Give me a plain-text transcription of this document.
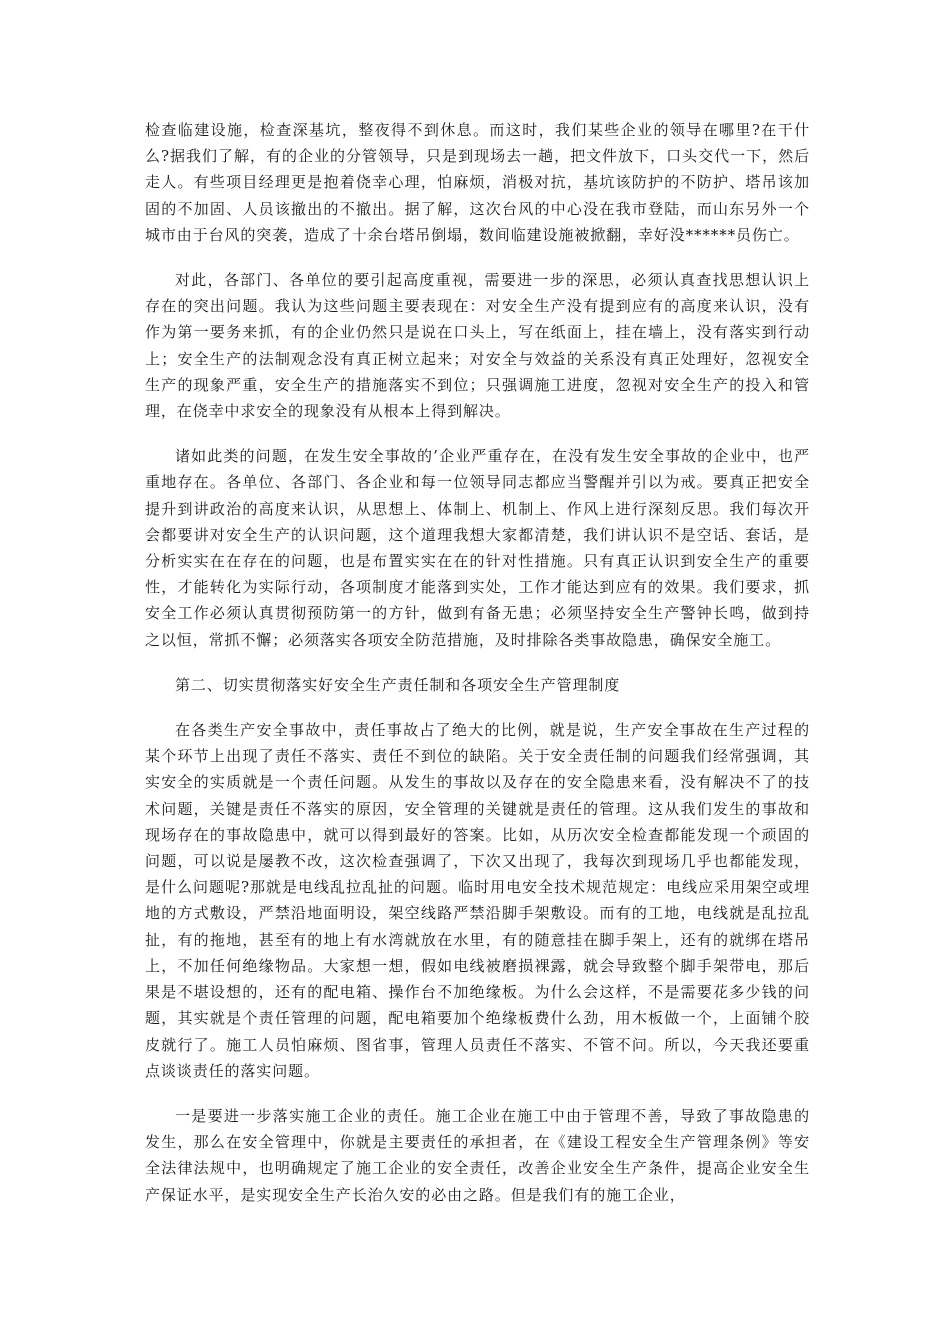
检查临建设施，检查深基坑，整夜得不到休息。而这时，我们某些企业的领导在哪里?在干什么?据我们了解，有的企业的分管领导，只是到现场去一趟，把文件放下，口头交代一下，然后走人。有些项目经理更是抱着侥幸心理，怕麻烦，消极对抗，基坑该防护的不防护、塔吊该加固的不加固、人员该撤出的不撤出。据了解，这次台风的中心没在我市登陆，而山东另外一个城市由于台风的突袭，造成了十余台塔吊倒塌，数间临建设施被掀翻，幸好没******员伤亡。

对此，各部门、各单位的要引起高度重视，需要进一步的深思，必须认真查找思想认识上存在的突出问题。我认为这些问题主要表现在：对安全生产没有提到应有的高度来认识，没有作为第一要务来抓，有的企业仍然只是说在口头上，写在纸面上，挂在墙上，没有落实到行动上；安全生产的法制观念没有真正树立起来；对安全与效益的关系没有真正处理好，忽视安全生产的现象严重，安全生产的措施落实不到位；只强调施工进度，忽视对安全生产的投入和管理，在侥幸中求安全的现象没有从根本上得到解决。

诸如此类的问题，在发生安全事故的’企业严重存在，在没有发生安全事故的企业中，也严重地存在。各单位、各部门、各企业和每一位领导同志都应当警醒并引以为戒。要真正把安全提升到讲政治的高度来认识，从思想上、体制上、机制上、作风上进行深刻反思。我们每次开会都要讲对安全生产的认识问题，这个道理我想大家都清楚，我们讲认识不是空话、套话，是分析实实在在存在的问题，也是布置实实在在的针对性措施。只有真正认识到安全生产的重要性，才能转化为实际行动，各项制度才能落到实处，工作才能达到应有的效果。我们要求，抓安全工作必须认真贯彻预防第一的方针，做到有备无患；必须坚持安全生产警钟长鸣，做到持之以恒，常抓不懈；必须落实各项安全防范措施，及时排除各类事故隐患，确保安全施工。

第二、切实贯彻落实好安全生产责任制和各项安全生产管理制度

在各类生产安全事故中，责任事故占了绝大的比例，就是说，生产安全事故在生产过程的某个环节上出现了责任不落实、责任不到位的缺陷。关于安全责任制的问题我们经常强调，其实安全的实质就是一个责任问题。从发生的事故以及存在的安全隐患来看，没有解决不了的技术问题，关键是责任不落实的原因，安全管理的关键就是责任的管理。这从我们发生的事故和现场存在的事故隐患中，就可以得到最好的答案。比如，从历次安全检查都能发现一个顽固的问题，可以说是屡教不改，这次检查强调了，下次又出现了，我每次到现场几乎也都能发现，是什么问题呢?那就是电线乱拉乱扯的问题。临时用电安全技术规范规定：电线应采用架空或埋地的方式敷设，严禁沿地面明设，架空线路严禁沿脚手架敷设。而有的工地，电线就是乱拉乱扯，有的拖地，甚至有的地上有水湾就放在水里，有的随意挂在脚手架上，还有的就绑在塔吊上，不加任何绝缘物品。大家想一想，假如电线被磨损裸露，就会导致整个脚手架带电，那后果是不堪设想的，还有的配电箱、操作台不加绝缘板。为什么会这样，不是需要花多少钱的问题，其实就是个责任管理的问题，配电箱要加个绝缘板费什么劲，用木板做一个，上面铺个胶皮就行了。施工人员怕麻烦、图省事，管理人员责任不落实、不管不问。所以，今天我还要重点谈谈责任的落实问题。

一是要进一步落实施工企业的责任。施工企业在施工中由于管理不善，导致了事故隐患的发生，那么在安全管理中，你就是主要责任的承担者，在《建设工程安全生产管理条例》等安全法律法规中，也明确规定了施工企业的安全责任，改善企业安全生产条件，提高企业安全生产保证水平，是实现安全生产长治久安的必由之路。但是我们有的施工企业，
